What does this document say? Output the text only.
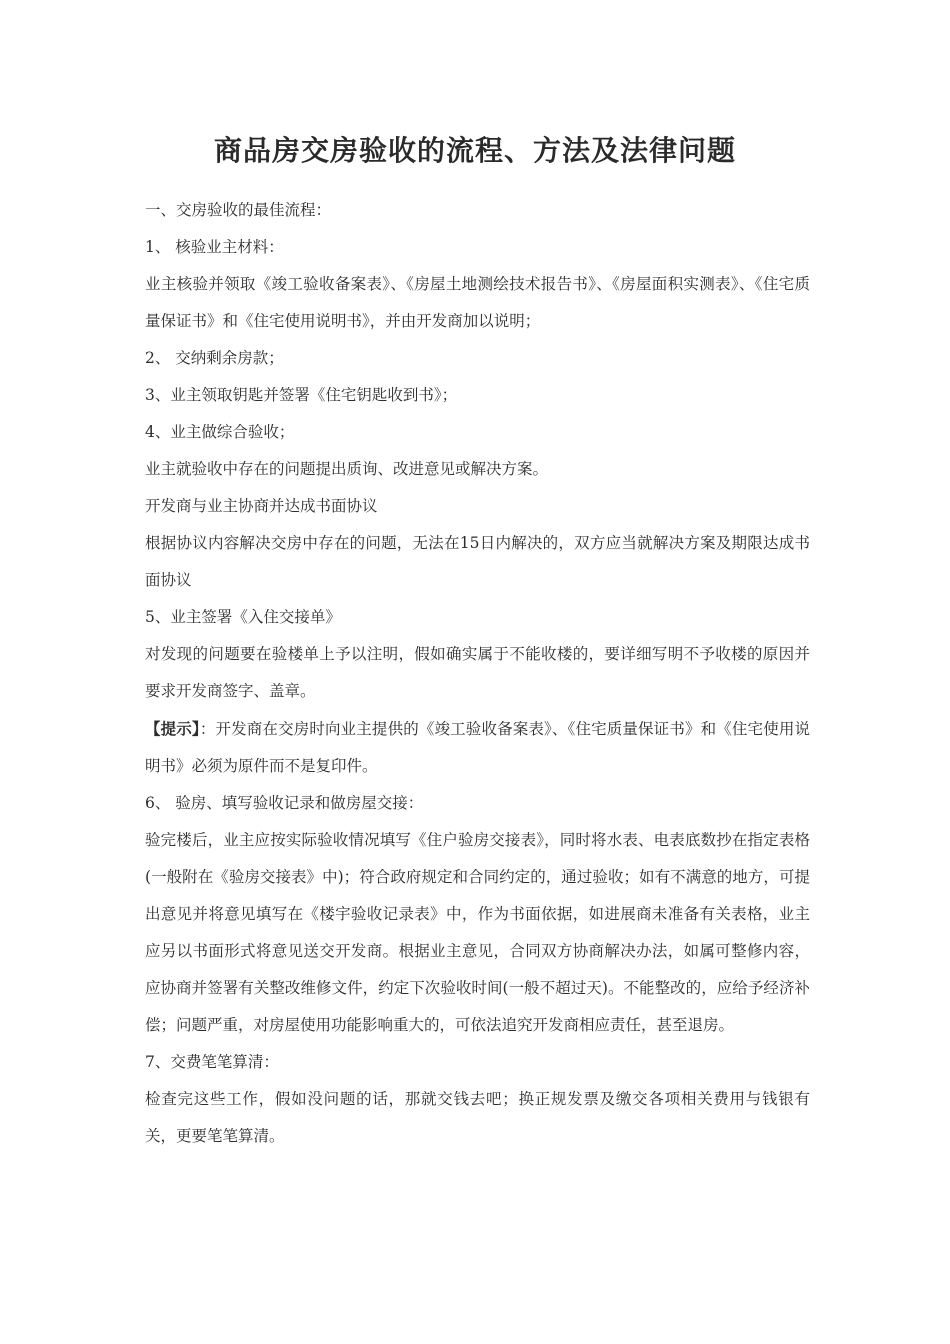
商品房交房验收的流程、方法及法律问题

一、交房验收的最佳流程：

1、 核验业主材料：

业主核验并领取《竣工验收备案表》、《房屋土地测绘技术报告书》、《房屋面积实测表》、《住宅质量保证书》和《住宅使用说明书》，并由开发商加以说明；

2、 交纳剩余房款；

3、业主领取钥匙并签署《住宅钥匙收到书》；

4、业主做综合验收；

业主就验收中存在的问题提出质询、改进意见或解决方案。

开发商与业主协商并达成书面协议

根据协议内容解决交房中存在的问题，无法在15日内解决的，双方应当就解决方案及期限达成书面协议

5、业主签署《入住交接单》

对发现的问题要在验楼单上予以注明，假如确实属于不能收楼的，要详细写明不予收楼的原因并要求开发商签字、盖章。

【提示】：开发商在交房时向业主提供的《竣工验收备案表》、《住宅质量保证书》和《住宅使用说明书》必须为原件而不是复印件。

6、 验房、填写验收记录和做房屋交接：

验完楼后，业主应按实际验收情况填写《住户验房交接表》，同时将水表、电表底数抄在指定表格(一般附在《验房交接表》中)；符合政府规定和合同约定的，通过验收；如有不满意的地方，可提出意见并将意见填写在《楼宇验收记录表》中，作为书面依据，如进展商未准备有关表格，业主应另以书面形式将意见送交开发商。根据业主意见，合同双方协商解决办法，如属可整修内容，应协商并签署有关整改维修文件，约定下次验收时间(一般不超过天)。不能整改的，应给予经济补偿；问题严重，对房屋使用功能影响重大的，可依法追究开发商相应责任，甚至退房。

7、交费笔笔算清：

检查完这些工作，假如没问题的话，那就交钱去吧；换正规发票及缴交各项相关费用与钱银有关，更要笔笔算清。
